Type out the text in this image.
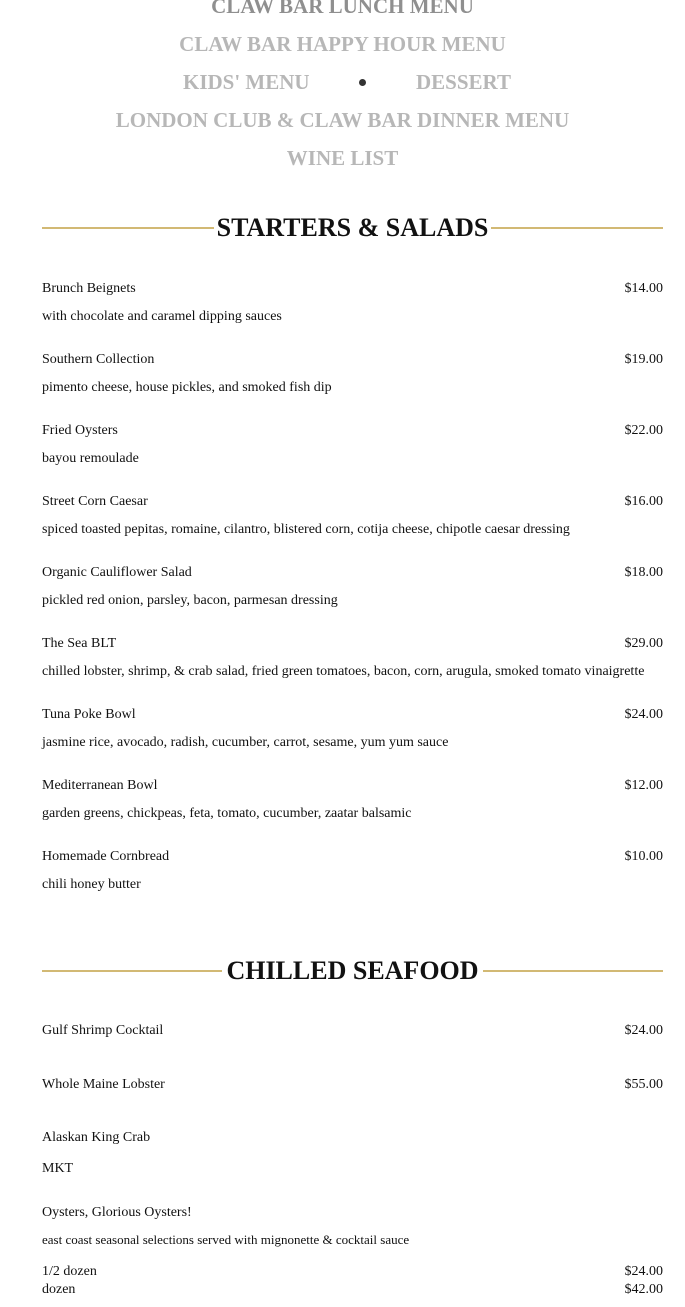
CLAW BAR LUNCH MENU
CLAW BAR HAPPY HOUR MENU
KIDS' MENU	DESSERT
LONDON CLUB & CLAW BAR DINNER MENU
WINE LIST
STARTERS & SALADS
Brunch Beignets	$14.00
with chocolate and caramel dipping sauces
Southern Collection	$19.00
pimento cheese, house pickles, and smoked fish dip
Fried Oysters	$22.00
bayou remoulade
Street Corn Caesar	$16.00
spiced toasted pepitas, romaine, cilantro, blistered corn, cotija cheese, chipotle caesar dressing
Organic Cauliflower Salad	$18.00
pickled red onion, parsley, bacon, parmesan dressing
The Sea BLT	$29.00
chilled lobster, shrimp, & crab salad, fried green tomatoes, bacon, corn, arugula, smoked tomato vinaigrette
Tuna Poke Bowl	$24.00
jasmine rice, avocado, radish, cucumber, carrot, sesame, yum yum sauce
Mediterranean Bowl	$12.00
garden greens, chickpeas, feta, tomato, cucumber, zaatar balsamic
Homemade Cornbread	$10.00
chili honey butter
CHILLED SEAFOOD
Gulf Shrimp Cocktail	$24.00
Whole Maine Lobster	$55.00
Alaskan King Crab
MKT
Oysters, Glorious Oysters!
east coast seasonal selections served with mignonette & cocktail sauce
1/2 dozen	$24.00
dozen	$42.00
